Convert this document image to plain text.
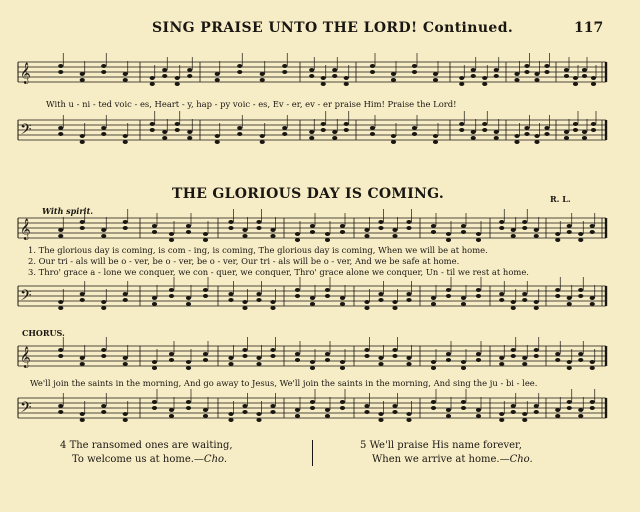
𝄞
𝄢
𝄞
𝄢
𝄞
𝄢
SING PRAISE UNTO THE LORD! Continued.	117
With u - ni - ted voic - es, Heart - y, hap - py voic - es, Ev - er, ev - er praise Him! Praise the Lord!
THE GLORIOUS DAY IS COMING.	R. L.
With spirit.
1. The glorious day is coming, is com - ing, is coming, The glorious day is coming, When we will be at home.
2. Our tri - als will be o - ver, be o - ver, be o - ver, Our tri - als will be o - ver, And we be safe at home.
3. Thro' grace a - lone we conquer, we con - quer, we conquer, Thro' grace alone we conquer, Un - til we rest at home.
CHORUS.
We'll join the saints in the morning, And go away to Jesus, We'll join the saints in the morning, And sing the ju - bi - lee.
4 The ransomed ones are waiting,
To welcome us at home.—Cho.
5 We'll praise His name forever,
When we arrive at home.—Cho.
